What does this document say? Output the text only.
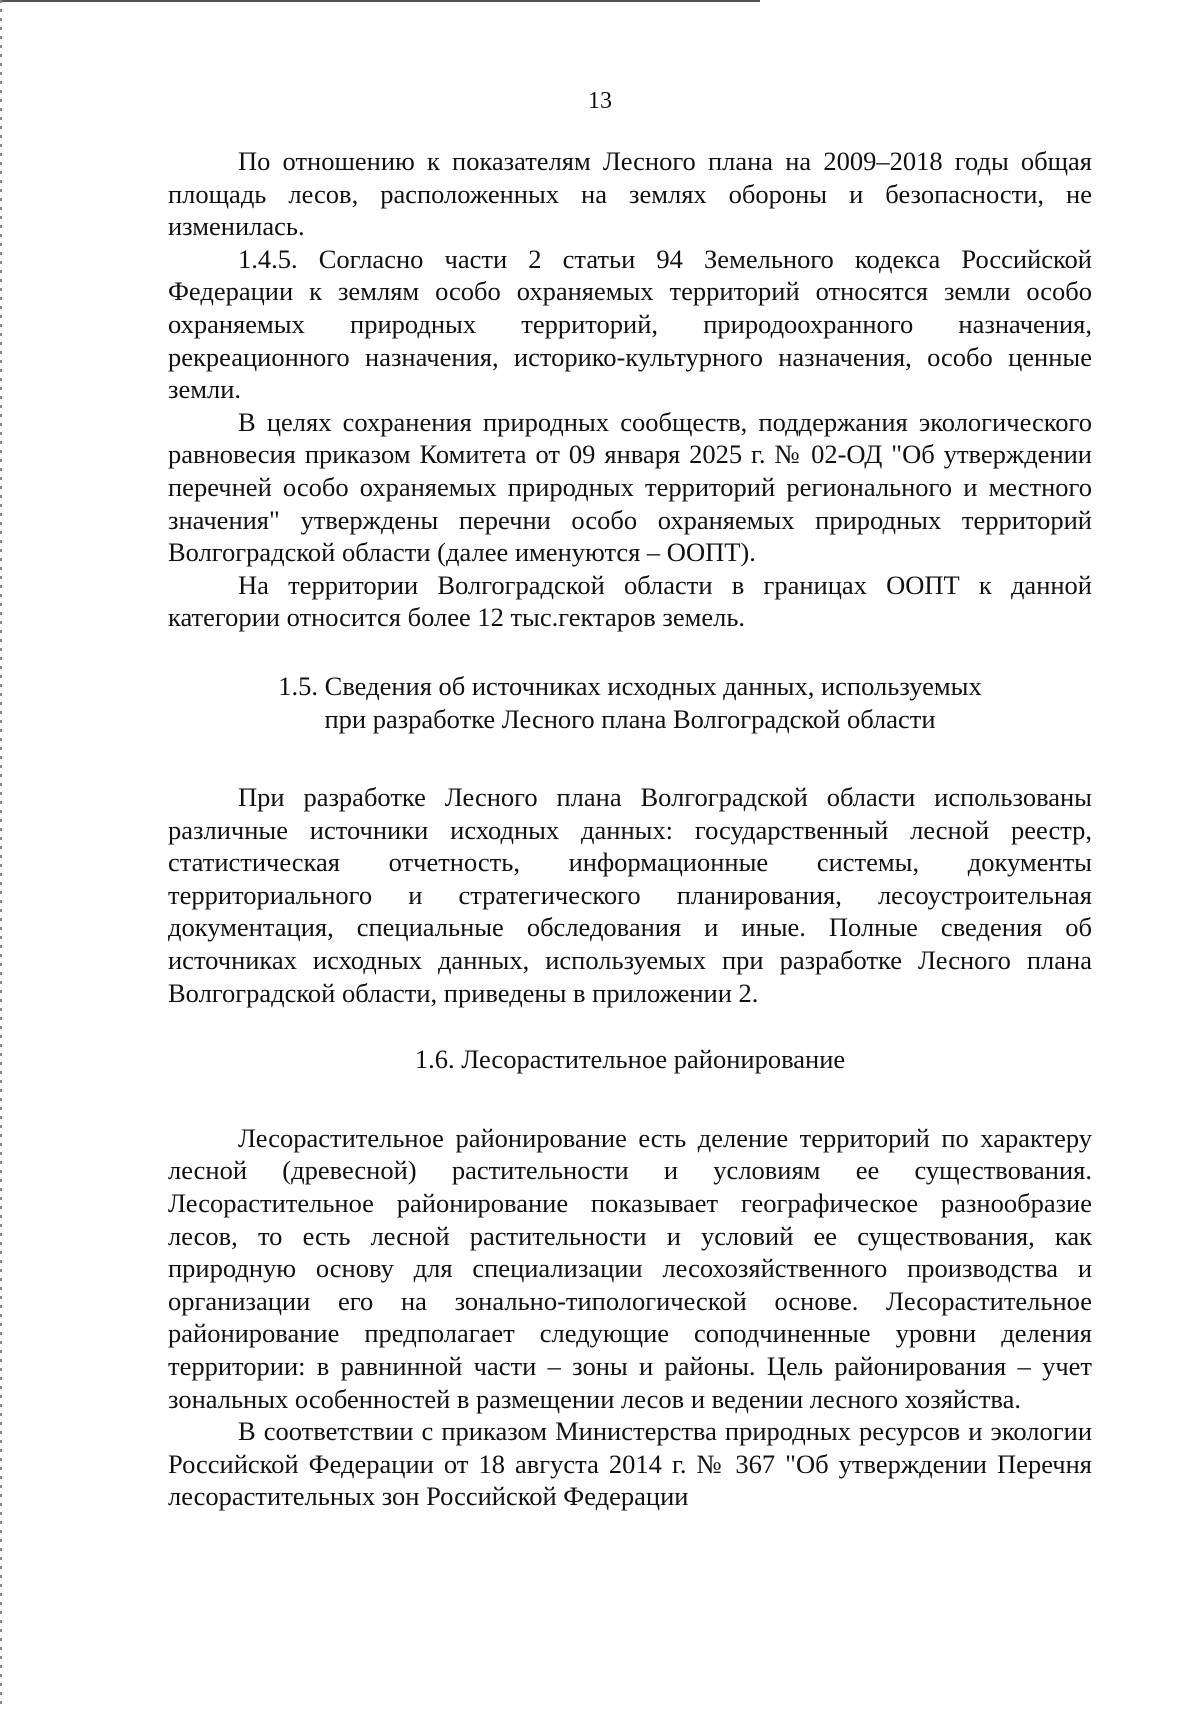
13

По отношению к показателям Лесного плана на 2009–2018 годы общая площадь лесов, расположенных на землях обороны и безопасности, не изменилась.

1.4.5. Согласно части 2 статьи 94 Земельного кодекса Российской Федерации к землям особо охраняемых территорий относятся земли особо охраняемых природных территорий, природоохранного назначения, рекреационного назначения, историко-культурного назначения, особо ценные земли.

В целях сохранения природных сообществ, поддержания экологического равновесия приказом Комитета от 09 января 2025 г. № 02-ОД "Об утверждении перечней особо охраняемых природных территорий регионального и местного значения" утверждены перечни особо охраняемых природных территорий Волгоградской области (далее именуются – ООПТ).

На территории Волгоградской области в границах ООПТ к данной категории относится более 12 тыс.гектаров земель.

1.5. Сведения об источниках исходных данных, используемых
при разработке Лесного плана Волгоградской области

При разработке Лесного плана Волгоградской области использованы различные источники исходных данных: государственный лесной реестр, статистическая отчетность, информационные системы, документы территориального и стратегического планирования, лесоустроительная документация, специальные обследования и иные. Полные сведения об источниках исходных данных, используемых при разработке Лесного плана Волгоградской области, приведены в приложении 2.

1.6. Лесорастительное районирование

Лесорастительное районирование есть деление территорий по характеру лесной (древесной) растительности и условиям ее существования. Лесорастительное районирование показывает географическое разнообразие лесов, то есть лесной растительности и условий ее существования, как природную основу для специализации лесохозяйственного производства и организации его на зонально-типологической основе. Лесорастительное районирование предполагает следующие соподчиненные уровни деления территории: в равнинной части – зоны и районы. Цель районирования – учет зональных особенностей в размещении лесов и ведении лесного хозяйства.

В соответствии с приказом Министерства природных ресурсов и экологии Российской Федерации от 18 августа 2014 г. № 367 "Об утверждении Перечня лесорастительных зон Российской Федерации
